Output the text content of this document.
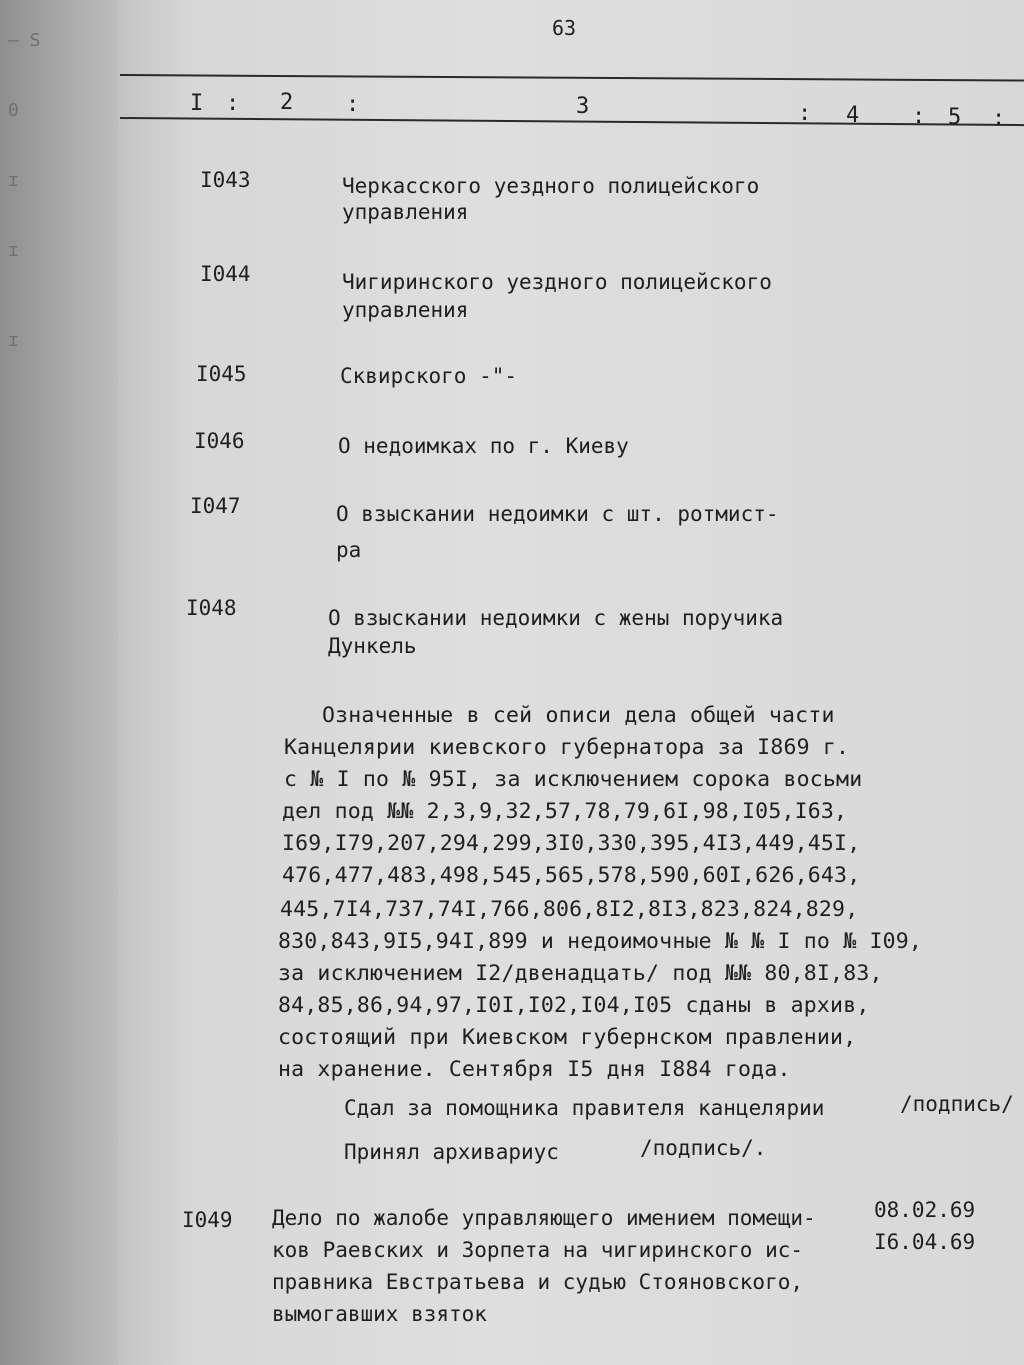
— S
0
ɪ
ɪ
ɪ
63
I : 2 :	3	: 4 : 5 :
I043	Черкасского уездного полицейского
управления
I044	Чигиринского уездного полицейского
управления
I045	Сквирского -"-
I046	О недоимках по г. Киеву
I047	О взыскании недоимки с шт. ротмист-
ра
I048	О взыскании недоимки с жены поручика
Дункель
Означенные в сей описи дела общей части
Канцелярии киевского губернатора за I869 г.
с № I по № 95I, за исключением сорока восьми
дел под №№ 2,3,9,32,57,78,79,6I,98,I05,I63,
I69,I79,207,294,299,3I0,330,395,4I3,449,45I,
476,477,483,498,545,565,578,590,60I,626,643,
445,7I4,737,74I,766,806,8I2,8I3,823,824,829,
830,843,9I5,94I,899 и недоимочные № № I по № I09,
за исключением I2/двенадцать/ под №№ 80,8I,83,
84,85,86,94,97,I0I,I02,I04,I05 сданы в архив,
состоящий при Киевском губернском правлении,
на хранение. Сентября I5 дня I884 года.
Сдал за помощника правителя канцелярии	/подпись/
Принял архивариус	/подпись/.
I049 Дело по жалобе управляющего имением помещи-
ков Раевских и Зорпета на чигиринского ис-
правника Евстратьева и судью Стояновского,
вымогавших взяток
08.02.69
I6.04.69
